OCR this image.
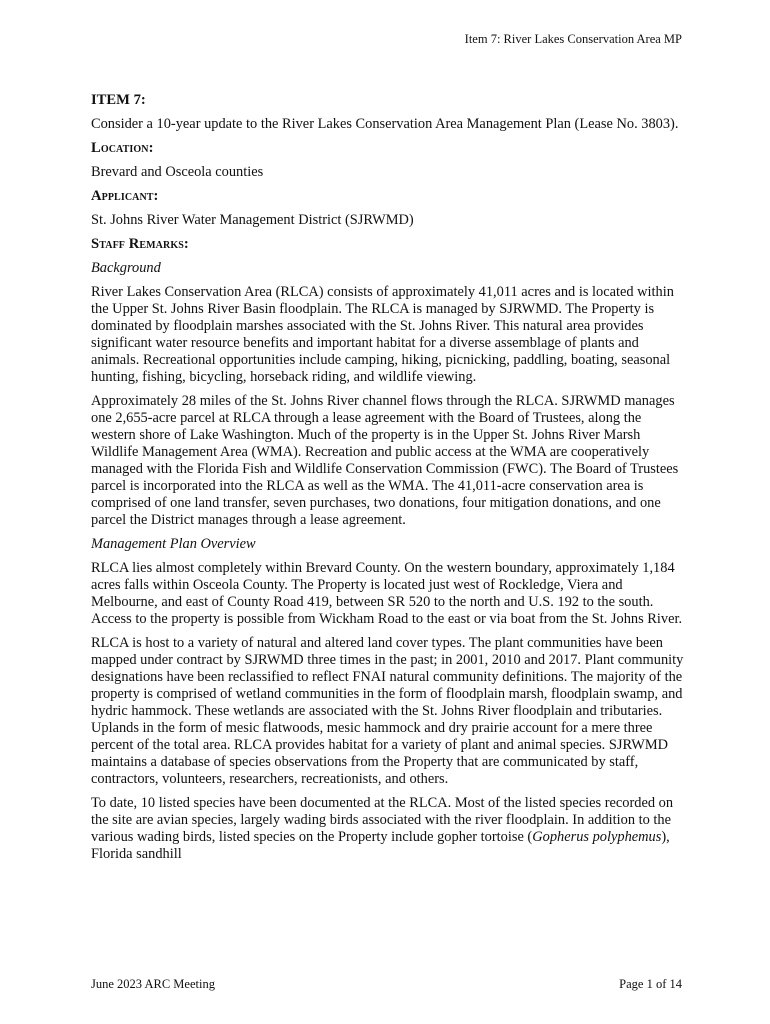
Item 7: River Lakes Conservation Area MP

ITEM 7:

Consider a 10-year update to the River Lakes Conservation Area Management Plan (Lease No. 3803).

Location:

Brevard and Osceola counties

Applicant:

St. Johns River Water Management District (SJRWMD)

Staff Remarks:

Background

River Lakes Conservation Area (RLCA) consists of approximately 41,011 acres and is located within the Upper St. Johns River Basin floodplain. The RLCA is managed by SJRWMD. The Property is dominated by floodplain marshes associated with the St. Johns River. This natural area provides significant water resource benefits and important habitat for a diverse assemblage of plants and animals. Recreational opportunities include camping, hiking, picnicking, paddling, boating, seasonal hunting, fishing, bicycling, horseback riding, and wildlife viewing.

Approximately 28 miles of the St. Johns River channel flows through the RLCA. SJRWMD manages one 2,655-acre parcel at RLCA through a lease agreement with the Board of Trustees, along the western shore of Lake Washington. Much of the property is in the Upper St. Johns River Marsh Wildlife Management Area (WMA). Recreation and public access at the WMA are cooperatively managed with the Florida Fish and Wildlife Conservation Commission (FWC). The Board of Trustees parcel is incorporated into the RLCA as well as the WMA. The 41,011-acre conservation area is comprised of one land transfer, seven purchases, two donations, four mitigation donations, and one parcel the District manages through a lease agreement.

Management Plan Overview

RLCA lies almost completely within Brevard County. On the western boundary, approximately 1,184 acres falls within Osceola County. The Property is located just west of Rockledge, Viera and Melbourne, and east of County Road 419, between SR 520 to the north and U.S. 192 to the south. Access to the property is possible from Wickham Road to the east or via boat from the St. Johns River.

RLCA is host to a variety of natural and altered land cover types. The plant communities have been mapped under contract by SJRWMD three times in the past; in 2001, 2010 and 2017. Plant community designations have been reclassified to reflect FNAI natural community definitions. The majority of the property is comprised of wetland communities in the form of floodplain marsh, floodplain swamp, and hydric hammock. These wetlands are associated with the St. Johns River floodplain and tributaries. Uplands in the form of mesic flatwoods, mesic hammock and dry prairie account for a mere three percent of the total area. RLCA provides habitat for a variety of plant and animal species. SJRWMD maintains a database of species observations from the Property that are communicated by staff, contractors, volunteers, researchers, recreationists, and others.

To date, 10 listed species have been documented at the RLCA. Most of the listed species recorded on the site are avian species, largely wading birds associated with the river floodplain. In addition to the various wading birds, listed species on the Property include gopher tortoise (Gopherus polyphemus), Florida sandhill

June 2023 ARC Meeting	Page 1 of 14
